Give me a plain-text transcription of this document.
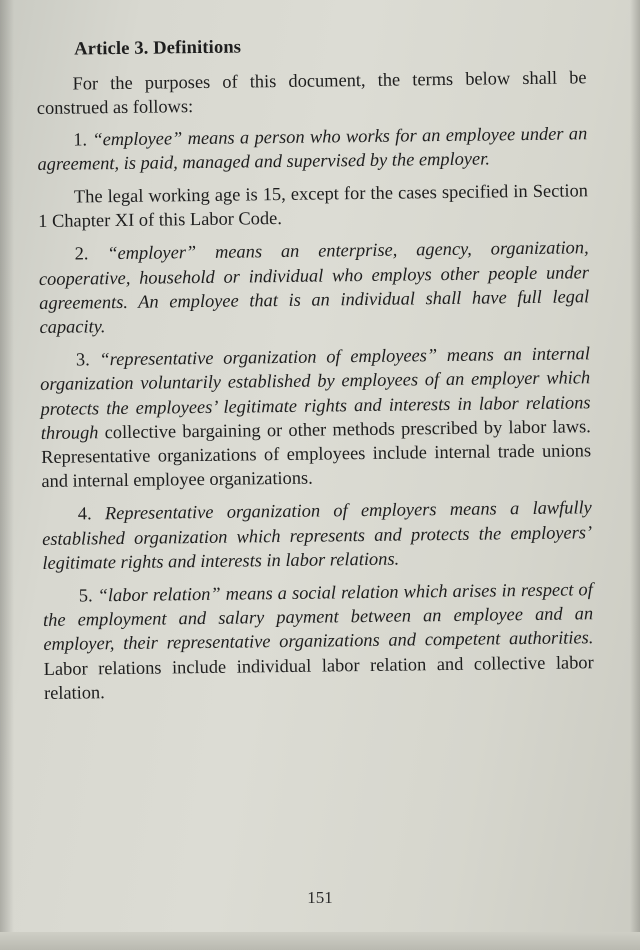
Article 3. Definitions

For the purposes of this document, the terms below shall be construed as follows:

1. “employee” means a person who works for an employee under an agreement, is paid, managed and supervised by the employer.

The legal working age is 15, except for the cases specified in Section 1 Chapter XI of this Labor Code.

2. “employer” means an enterprise, agency, organization, cooperative, household or individual who employs other people under agreements. An employee that is an individual shall have full legal capacity.

3. “representative organization of employees” means an internal organization voluntarily established by employees of an employer which protects the employees’ legitimate rights and interests in labor relations through collective bargaining or other methods prescribed by labor laws. Representative organizations of employees include internal trade unions and internal employee organizations.

4. Representative organization of employers means a lawfully established organization which represents and protects the employers’ legitimate rights and interests in labor relations.

5. “labor relation” means a social relation which arises in respect of the employment and salary payment between an employee and an employer, their representative organizations and competent authorities. Labor relations include individual labor relation and collective labor relation.

151
